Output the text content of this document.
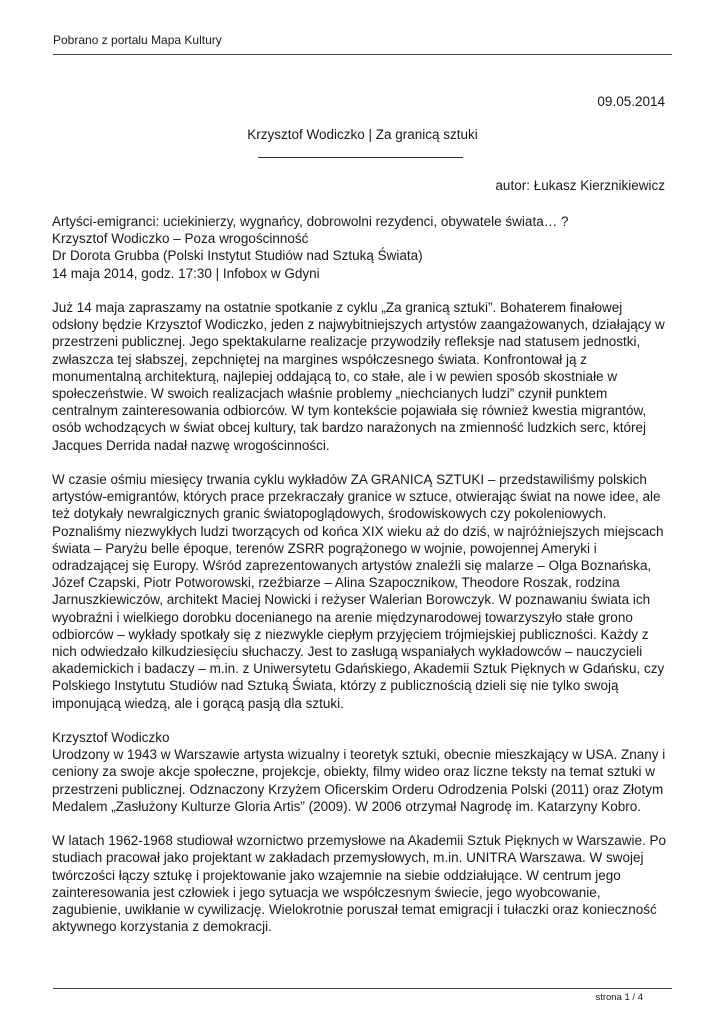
Pobrano z portalu Mapa Kultury
09.05.2014
Krzysztof Wodiczko | Za granicą sztuki
autor: Łukasz Kierznikiewicz

Artyści-emigranci: uciekinierzy, wygnańcy, dobrowolni rezydenci, obywatele świata… ?
Krzysztof Wodiczko – Poza wrogościnność
Dr Dorota Grubba (Polski Instytut Studiów nad Sztuką Świata)
14 maja 2014, godz. 17:30 | Infobox w Gdyni

Już 14 maja zapraszamy na ostatnie spotkanie z cyklu „Za granicą sztuki”. Bohaterem finałowej
odsłony będzie Krzysztof Wodiczko, jeden z najwybitniejszych artystów zaangażowanych, działający w
przestrzeni publicznej. Jego spektakularne realizacje przywodziły refleksje nad statusem jednostki,
zwłaszcza tej słabszej, zepchniętej na margines współczesnego świata. Konfrontował ją z
monumentalną architekturą, najlepiej oddającą to, co stałe, ale i w pewien sposób skostniałe w
społeczeństwie. W swoich realizacjach właśnie problemy „niechcianych ludzi” czynił punktem
centralnym zainteresowania odbiorców. W tym kontekście pojawiała się również kwestia migrantów,
osób wchodzących w świat obcej kultury, tak bardzo narażonych na zmienność ludzkich serc, której
Jacques Derrida nadał nazwę wrogościnności.

W czasie ośmiu miesięcy trwania cyklu wykładów ZA GRANICĄ SZTUKI – przedstawiliśmy polskich
artystów-emigrantów, których prace przekraczały granice w sztuce, otwierając świat na nowe idee, ale
też dotykały newralgicznych granic światopoglądowych, środowiskowych czy pokoleniowych.
Poznaliśmy niezwykłych ludzi tworzących od końca XIX wieku aż do dziś, w najróżniejszych miejscach
świata – Paryżu belle époque, terenów ZSRR pogrążonego w wojnie, powojennej Ameryki i
odradzającej się Europy. Wśród zaprezentowanych artystów znaleźli się malarze – Olga Boznańska,
Józef Czapski, Piotr Potworowski, rzeźbiarze – Alina Szapocznikow, Theodore Roszak, rodzina
Jarnuszkiewiczów, architekt Maciej Nowicki i reżyser Walerian Borowczyk. W poznawaniu świata ich
wyobraźni i wielkiego dorobku docenianego na arenie międzynarodowej towarzyszyło stałe grono
odbiorców – wykłady spotkały się z niezwykle ciepłym przyjęciem trójmiejskiej publiczności. Każdy z
nich odwiedzało kilkudziesięciu słuchaczy. Jest to zasługą wspaniałych wykładowców – nauczycieli
akademickich i badaczy – m.in. z Uniwersytetu Gdańskiego, Akademii Sztuk Pięknych w Gdańsku, czy
Polskiego Instytutu Studiów nad Sztuką Świata, którzy z publicznością dzieli się nie tylko swoją
imponującą wiedzą, ale i gorącą pasją dla sztuki.

Krzysztof Wodiczko
Urodzony w 1943 w Warszawie artysta wizualny i teoretyk sztuki, obecnie mieszkający w USA. Znany i
ceniony za swoje akcje społeczne, projekcje, obiekty, filmy wideo oraz liczne teksty na temat sztuki w
przestrzeni publicznej. Odznaczony Krzyżem Oficerskim Orderu Odrodzenia Polski (2011) oraz Złotym
Medalem „Zasłużony Kulturze Gloria Artis” (2009). W 2006 otrzymał Nagrodę im. Katarzyny Kobro.

W latach 1962-1968 studiował wzornictwo przemysłowe na Akademii Sztuk Pięknych w Warszawie. Po
studiach pracował jako projektant w zakładach przemysłowych, m.in. UNITRA Warszawa. W swojej
twórczości łączy sztukę i projektowanie jako wzajemnie na siebie oddziałujące. W centrum jego
zainteresowania jest człowiek i jego sytuacja we współczesnym świecie, jego wyobcowanie,
zagubienie, uwikłanie w cywilizację. Wielokrotnie poruszał temat emigracji i tułaczki oraz konieczność
aktywnego korzystania z demokracji.

strona 1 / 4
